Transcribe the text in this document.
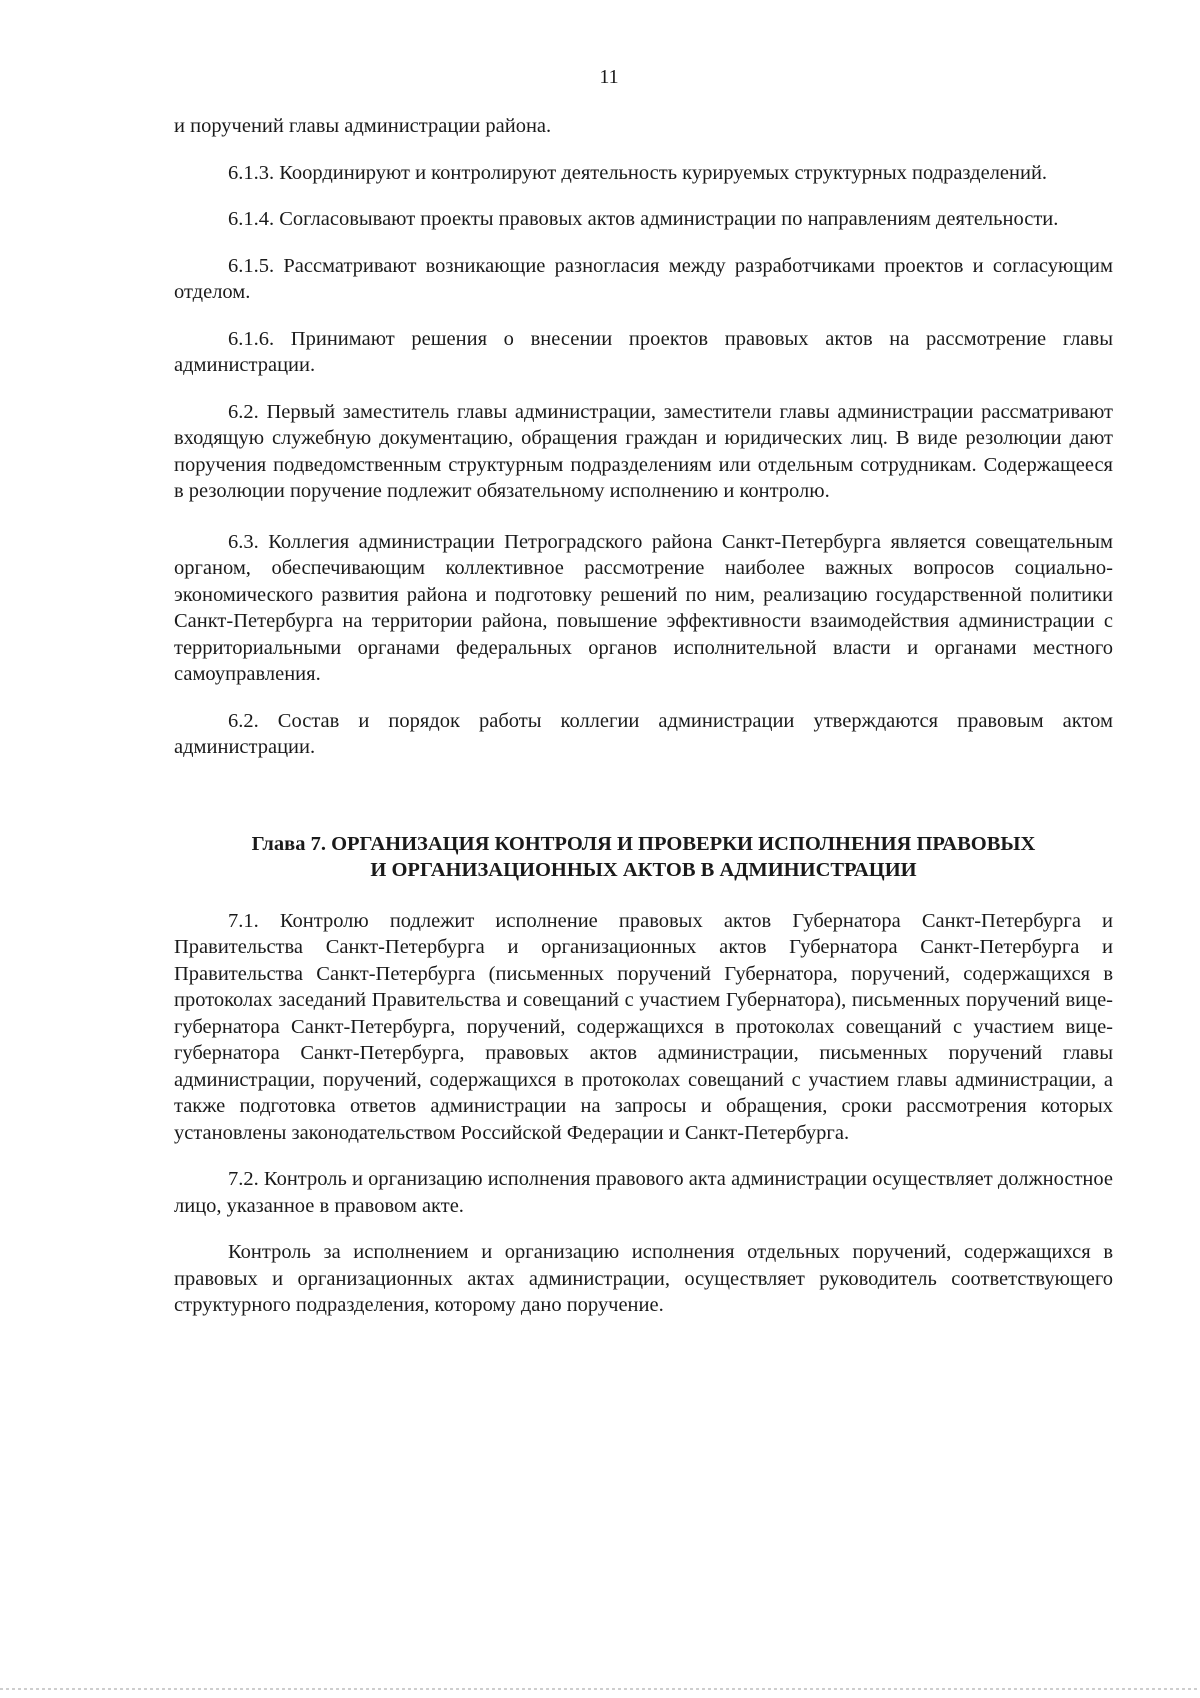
11

и поручений главы администрации района.

6.1.3. Координируют и контролируют деятельность курируемых структурных подразделений.

6.1.4. Согласовывают проекты правовых актов администрации по направлениям деятельности.

6.1.5. Рассматривают возникающие разногласия между разработчиками проектов и согласующим отделом.

6.1.6. Принимают решения о внесении проектов правовых актов на рассмотрение главы администрации.

6.2. Первый заместитель главы администрации, заместители главы администрации рассматривают входящую служебную документацию, обращения граждан и юридических лиц. В виде резолюции дают поручения подведомственным структурным подразделениям или отдельным сотрудникам. Содержащееся в резолюции поручение подлежит обязательному исполнению и контролю.

6.3. Коллегия администрации Петроградского района Санкт-Петербурга является совещательным органом, обеспечивающим коллективное рассмотрение наиболее важных вопросов социально-экономического развития района и подготовку решений по ним, реализацию государственной политики Санкт-Петербурга на территории района, повышение эффективности взаимодействия администрации с территориальными органами федеральных органов исполнительной власти и органами местного самоуправления.

6.2. Состав и порядок работы коллегии администрации утверждаются правовым актом администрации.

Глава 7. ОРГАНИЗАЦИЯ КОНТРОЛЯ И ПРОВЕРКИ ИСПОЛНЕНИЯ ПРАВОВЫХ

И ОРГАНИЗАЦИОННЫХ АКТОВ В АДМИНИСТРАЦИИ

7.1. Контролю подлежит исполнение правовых актов Губернатора Санкт-Петербурга и Правительства Санкт-Петербурга и организационных актов Губернатора Санкт-Петербурга и Правительства Санкт-Петербурга (письменных поручений Губернатора, поручений, содержащихся в протоколах заседаний Правительства и совещаний с участием Губернатора), письменных поручений вице-губернатора Санкт-Петербурга, поручений, содержащихся в протоколах совещаний с участием вице-губернатора Санкт-Петербурга, правовых актов администрации, письменных поручений главы администрации, поручений, содержащихся в протоколах совещаний с участием главы администрации, а также подготовка ответов администрации на запросы и обращения, сроки рассмотрения которых установлены законодательством Российской Федерации и Санкт-Петербурга.

7.2. Контроль и организацию исполнения правового акта администрации осуществляет должностное лицо, указанное в правовом акте.

Контроль за исполнением и организацию исполнения отдельных поручений, содержащихся в правовых и организационных актах администрации, осуществляет руководитель соответствующего структурного подразделения, которому дано поручение.
